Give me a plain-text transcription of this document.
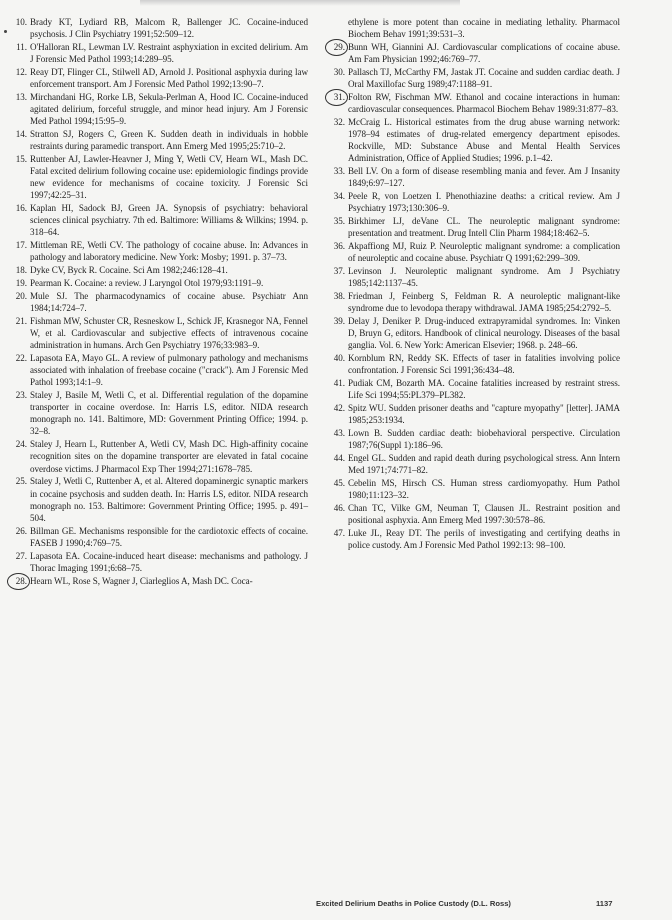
10. Brady KT, Lydiard RB, Malcom R, Ballenger JC. Cocaine-induced psychosis. J Clin Psychiatry 1991;52:509–12.
11. O'Halloran RL, Lewman LV. Restraint asphyxiation in excited delirium. Am J Forensic Med Pathol 1993;14:289–95.
12. Reay DT, Flinger CL, Stilwell AD, Arnold J. Positional asphyxia during law enforcement transport. Am J Forensic Med Pathol 1992;13:90–7.
13. Mirchandani HG, Rorke LB, Sekula-Perlman A, Hood IC. Cocaine-induced agitated delirium, forceful struggle, and minor head injury. Am J Forensic Med Pathol 1994;15:95–9.
14. Stratton SJ, Rogers C, Green K. Sudden death in individuals in hobble restraints during paramedic transport. Ann Emerg Med 1995;25:710–2.
15. Ruttenber AJ, Lawler-Heavner J, Ming Y, Wetli CV, Hearn WL, Mash DC. Fatal excited delirium following cocaine use: epidemiologic findings provide new evidence for mechanisms of cocaine toxicity. J Forensic Sci 1997;42:25–31.
16. Kaplan HI, Sadock BJ, Green JA. Synopsis of psychiatry: behavioral sciences clinical psychiatry. 7th ed. Baltimore: Williams & Wilkins; 1994. p. 318–64.
17. Mittleman RE, Wetli CV. The pathology of cocaine abuse. In: Advances in pathology and laboratory medicine. New York: Mosby; 1991. p. 37–73.
18. Dyke CV, Byck R. Cocaine. Sci Am 1982;246:128–41.
19. Pearman K. Cocaine: a review. J Laryngol Otol 1979;93:1191–9.
20. Mule SJ. The pharmacodynamics of cocaine abuse. Psychiatr Ann 1984;14:724–7.
21. Fishman MW, Schuster CR, Resneskow L, Schick JF, Krasnegor NA, Fennel W, et al. Cardiovascular and subjective effects of intravenous cocaine administration in humans. Arch Gen Psychiatry 1976;33:983–9.
22. Lapasota EA, Mayo GL. A review of pulmonary pathology and mechanisms associated with inhalation of freebase cocaine ("crack"). Am J Forensic Med Pathol 1993;14:1–9.
23. Staley J, Basile M, Wetli C, et al. Differential regulation of the dopamine transporter in cocaine overdose. In: Harris LS, editor. NIDA research monograph no. 141. Baltimore, MD: Government Printing Office; 1994. p. 32–8.
24. Staley J, Hearn L, Ruttenber A, Wetli CV, Mash DC. High-affinity cocaine recognition sites on the dopamine transporter are elevated in fatal cocaine overdose victims. J Pharmacol Exp Ther 1994;271:1678–785.
25. Staley J, Wetli C, Ruttenber A, et al. Altered dopaminergic synaptic markers in cocaine psychosis and sudden death. In: Harris LS, editor. NIDA research monograph no. 153. Baltimore: Government Printing Office; 1995. p. 491–504.
26. Billman GE. Mechanisms responsible for the cardiotoxic effects of cocaine. FASEB J 1990;4:769–75.
27. Lapasota EA. Cocaine-induced heart disease: mechanisms and pathology. J Thorac Imaging 1991;6:68–75.
28. Hearn WL, Rose S, Wagner J, Ciarleglios A, Mash DC. Coca-
ethylene is more potent than cocaine in mediating lethality. Pharmacol Biochem Behav 1991;39:531–3.
29. Bunn WH, Giannini AJ. Cardiovascular complications of cocaine abuse. Am Fam Physician 1992;46:769–77.
30. Pallasch TJ, McCarthy FM, Jastak JT. Cocaine and sudden cardiac death. J Oral Maxillofac Surg 1989;47:1188–91.
31. Folton RW, Fischman MW. Ethanol and cocaine interactions in human: cardiovascular consequences. Pharmacol Biochem Behav 1989:31:877–83.
32. McCraig L. Historical estimates from the drug abuse warning network: 1978–94 estimates of drug-related emergency department episodes. Rockville, MD: Substance Abuse and Mental Health Services Administration, Office of Applied Studies; 1996. p.1–42.
33. Bell LV. On a form of disease resembling mania and fever. Am J Insanity 1849;6:97–127.
34. Peele R, von Loetzen I. Phenothiazine deaths: a critical review. Am J Psychiatry 1973;130:306–9.
35. Birkhimer LJ, deVane CL. The neuroleptic malignant syndrome: presentation and treatment. Drug Intell Clin Pharm 1984;18:462–5.
36. Akpaffiong MJ, Ruiz P. Neuroleptic malignant syndrome: a complication of neuroleptic and cocaine abuse. Psychiatr Q 1991;62:299–309.
37. Levinson J. Neuroleptic malignant syndrome. Am J Psychiatry 1985;142:1137–45.
38. Friedman J, Feinberg S, Feldman R. A neuroleptic malignant-like syndrome due to levodopa therapy withdrawal. JAMA 1985;254:2792–5.
39. Delay J, Deniker P. Drug-induced extrapyramidal syndromes. In: Vinken D, Bruyn G, editors. Handbook of clinical neurology. Diseases of the basal ganglia. Vol. 6. New York: American Elsevier; 1968. p. 248–66.
40. Kornblum RN, Reddy SK. Effects of taser in fatalities involving police confrontation. J Forensic Sci 1991;36:434–48.
41. Pudiak CM, Bozarth MA. Cocaine fatalities increased by restraint stress. Life Sci 1994;55:PL379–PL382.
42. Spitz WU. Sudden prisoner deaths and "capture myopathy" [letter]. JAMA 1985;253:1934.
43. Lown B. Sudden cardiac death: biobehavioral perspective. Circulation 1987;76(Suppl 1):186–96.
44. Engel GL. Sudden and rapid death during psychological stress. Ann Intern Med 1971;74:771–82.
45. Cebelin MS, Hirsch CS. Human stress cardiomyopathy. Hum Pathol 1980;11:123–32.
46. Chan TC, Vilke GM, Neuman T, Clausen JL. Restraint position and positional asphyxia. Ann Emerg Med 1997:30:578–86.
47. Luke JL, Reay DT. The perils of investigating and certifying deaths in police custody. Am J Forensic Med Pathol 1992:13: 98–100.
Excited Delirium Deaths in Police Custody (D.L. Ross)	1137
